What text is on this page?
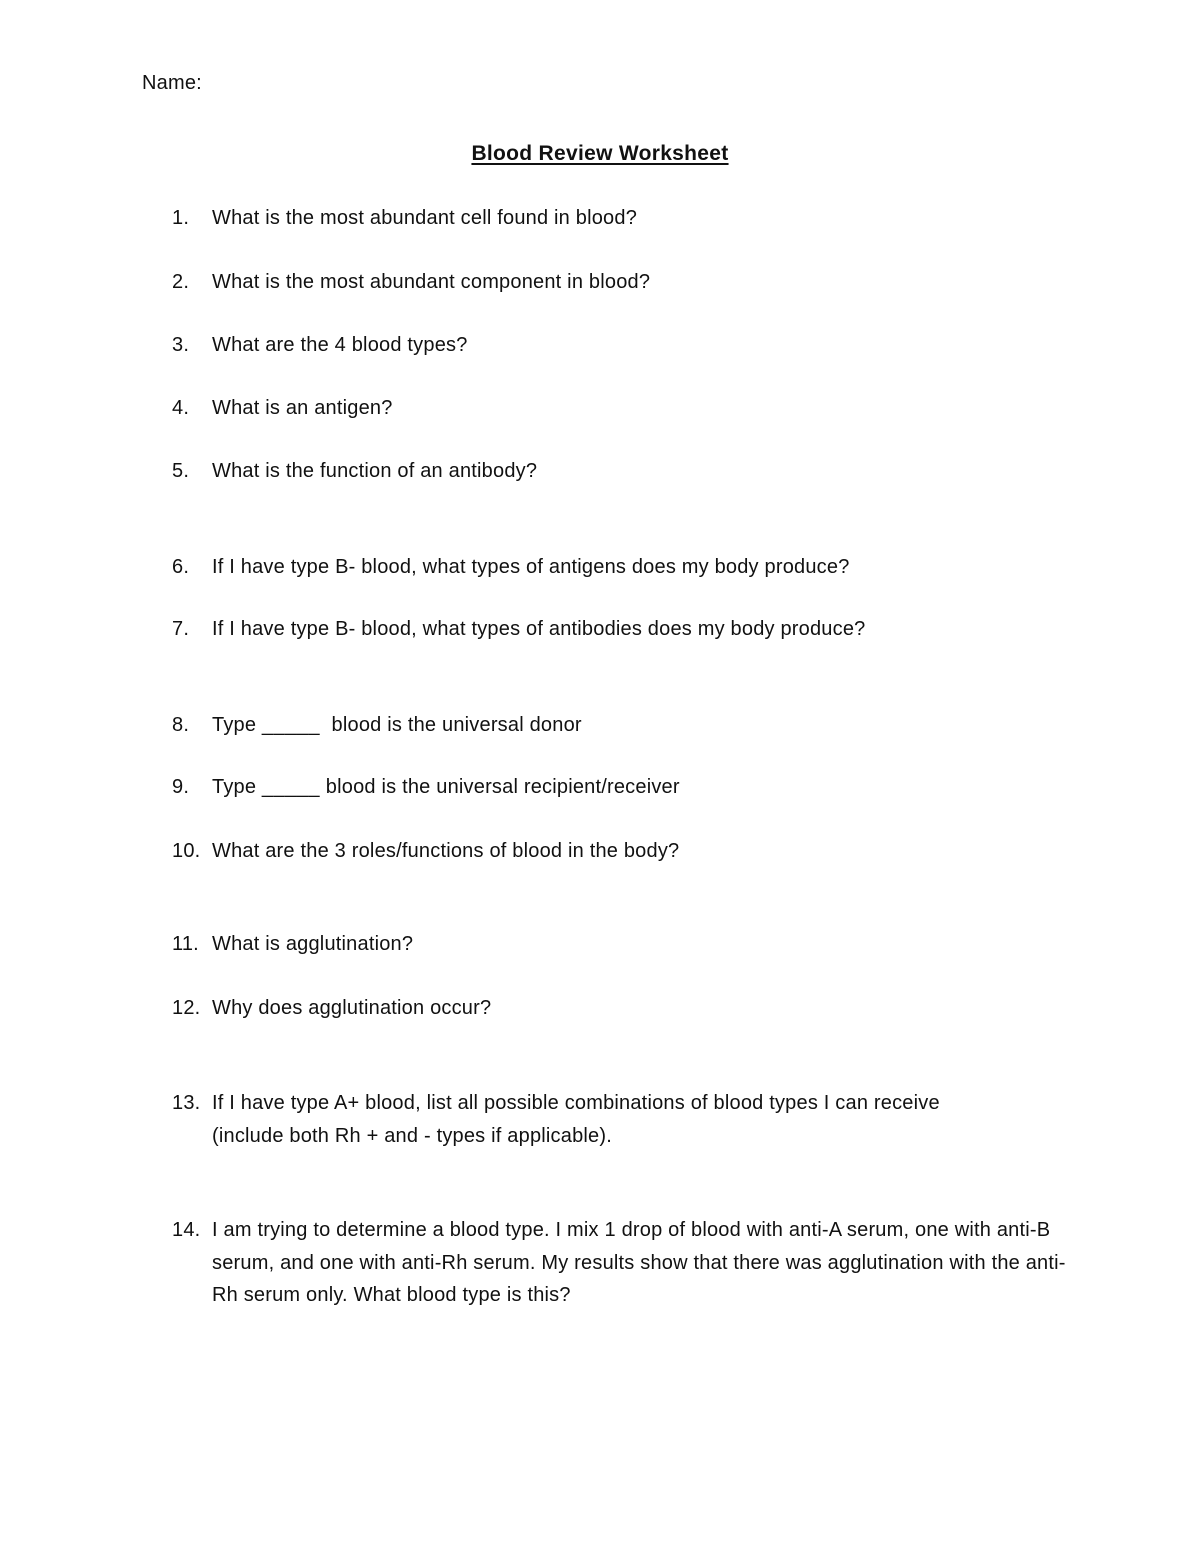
Name:
Blood Review Worksheet
1.	What is the most abundant cell found in blood?
2.	What is the most abundant component in blood?
3.	What are the 4 blood types?
4.	What is an antigen?
5.	What is the function of an antibody?
6.	If I have type B- blood, what types of antigens does my body produce?
7.	If I have type B- blood, what types of antibodies does my body produce?
8.	Type _____  blood is the universal donor
9.	Type _____ blood is the universal recipient/receiver
10. What are the 3 roles/functions of blood in the body?
11. What is agglutination?
12. Why does agglutination occur?
13. If I have type A+ blood, list all possible combinations of blood types I can receive (include both Rh + and - types if applicable).
14. I am trying to determine a blood type. I mix 1 drop of blood with anti-A serum, one with anti-B serum, and one with anti-Rh serum. My results show that there was agglutination with the anti-Rh serum only. What blood type is this?
